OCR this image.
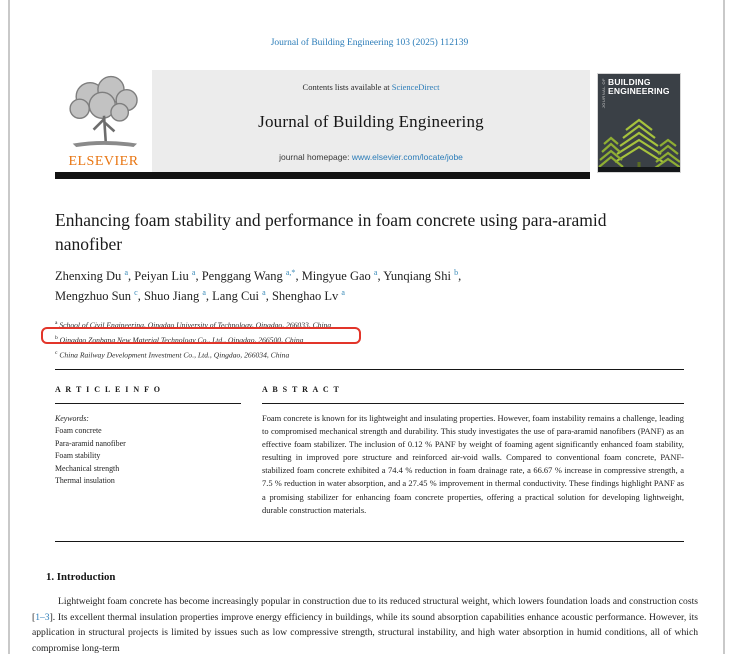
Journal of Building Engineering 103 (2025) 112139
ELSEVIER
Contents lists available at ScienceDirect
Journal of Building Engineering
journal homepage: www.elsevier.com/locate/jobe
JOURNAL OF BUILDING
ENGINEERING
Enhancing foam stability and performance in foam concrete using para-aramid nanofiber
Zhenxing Du $^a$, Peiyan Liu $^a$, Penggang Wang $^{a,*}$, Mingyue Gao $^a$, Yunqiang Shi $^b$,
Mengzhuo Sun $^c$, Shuo Jiang $^a$, Lang Cui $^a$, Shenghao Lv $^a$
$^a$ School of Civil Engineering, Qingdao University of Technology, Qingdao, 266033, China
$^b$ Qingdao Zonbang New Material Technology Co., Ltd., Qingdao, 266500, China
$^c$ China Railway Development Investment Co., Ltd., Qingdao, 266034, China
A R T I C L E I N F O
Keywords:
Foam concrete
Para-aramid nanofiber
Foam stability
Mechanical strength
Thermal insulation
A B S T R A C T
Foam concrete is known for its lightweight and insulating properties. However, foam instability remains a challenge, leading to compromised mechanical strength and durability. This study investigates the use of para-aramid nanofibers (PANF) as an effective foam stabilizer. The inclusion of 0.12 % PANF by weight of foaming agent significantly enhanced foam stability, resulting in improved pore structure and reinforced air-void walls. Compared to conventional foam concrete, PANF-stabilized foam concrete exhibited a 74.4 % reduction in foam drainage rate, a 66.67 % increase in compressive strength, a 7.5 % reduction in water absorption, and a 27.45 % improvement in thermal conductivity. These findings highlight PANF as a promising stabilizer for enhancing foam concrete properties, offering a practical solution for developing lightweight, durable construction materials.
1. Introduction
Lightweight foam concrete has become increasingly popular in construction due to its reduced structural weight, which lowers foundation loads and construction costs [1–3]. Its excellent thermal insulation properties improve energy efficiency in buildings, while its sound absorption capabilities enhance acoustic performance. However, its application in structural projects is limited by issues such as low compressive strength, structural instability, and high water absorption in humid conditions, all of which compromise long-term
